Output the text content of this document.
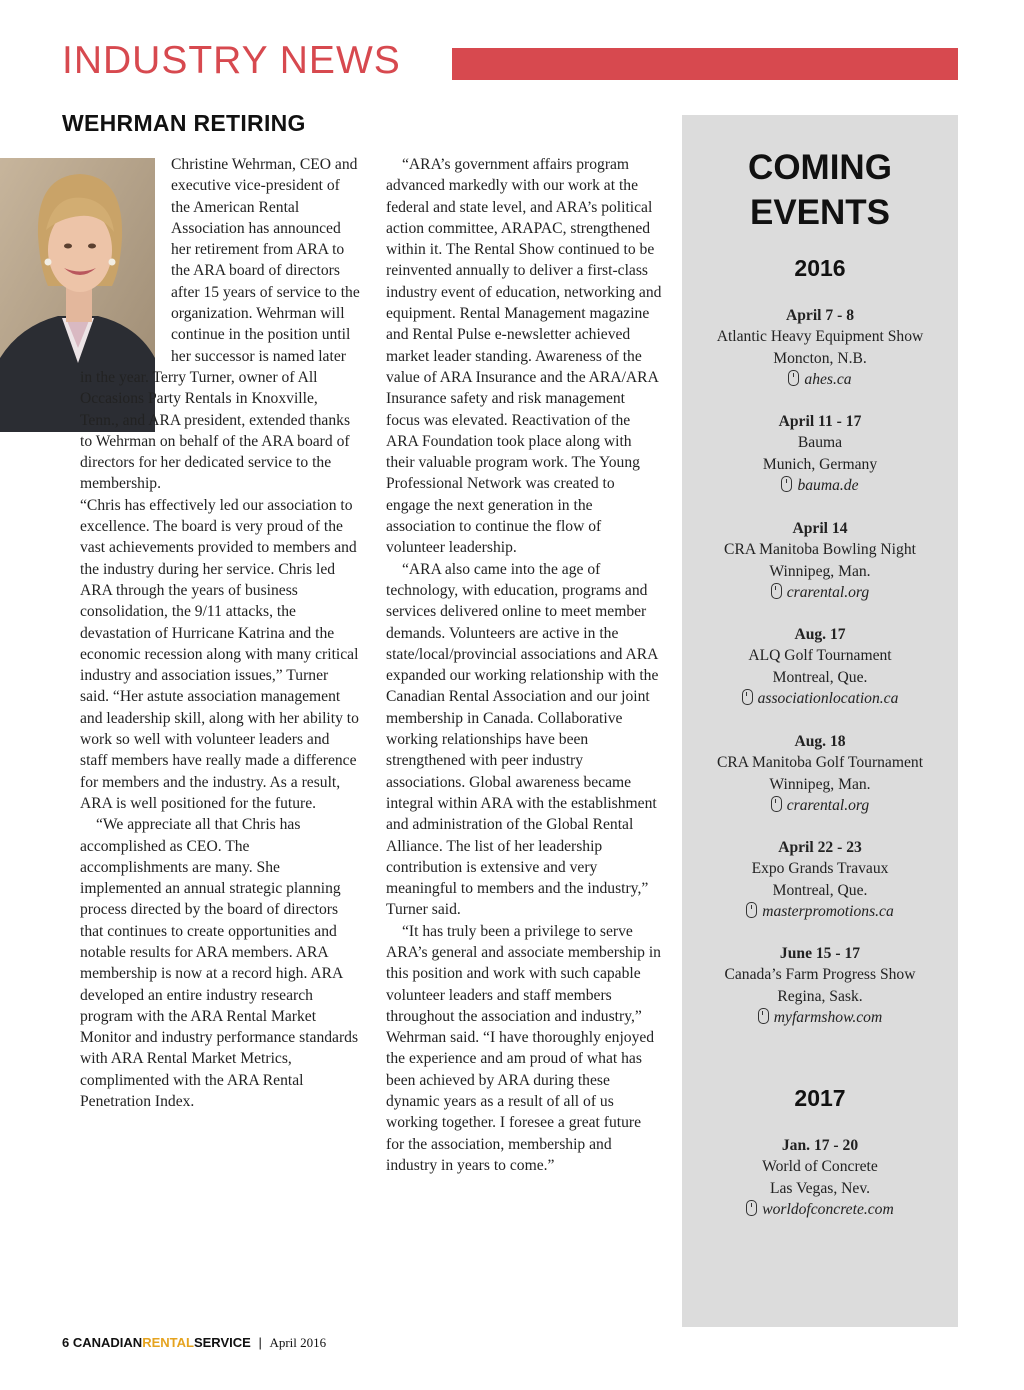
INDUSTRY NEWS
WEHRMAN RETIRING

Christine Wehrman, CEO and executive vice-president of the American Rental Association has announced her retirement from ARA to the ARA board of directors after 15 years of service to the organization. Wehrman will continue in the position until her successor is named later

in the year. Terry Turner, owner of All Occasions Party Rentals in Knoxville, Tenn., and ARA president, extended thanks to Wehrman on behalf of the ARA board of directors for her dedicated service to the membership.

“Chris has effectively led our association to excellence. The board is very proud of the vast achievements provided to members and the industry during her service. Chris led ARA through the years of business consolidation, the 9/11 attacks, the devastation of Hurricane Katrina and the economic recession along with many critical industry and association issues,” Turner said. “Her astute association management and leadership skill, along with her ability to work so well with volunteer leaders and staff members have really made a difference for members and the industry. As a result, ARA is well positioned for the future.

“We appreciate all that Chris has accomplished as CEO. The accomplishments are many. She implemented an annual strategic planning process directed by the board of directors that continues to create opportunities and notable results for ARA members. ARA membership is now at a record high. ARA developed an entire industry research program with the ARA Rental Market Monitor and industry performance standards with ARA Rental Market Metrics, complimented with the ARA Rental Penetration Index.

“ARA’s government affairs program advanced markedly with our work at the federal and state level, and ARA’s political action committee, ARAPAC, strengthened within it. The Rental Show continued to be reinvented annually to deliver a first-class industry event of education, networking and equipment. Rental Management magazine and Rental Pulse e-newsletter achieved market leader standing. Awareness of the value of ARA Insurance and the ARA/ARA Insurance safety and risk management focus was elevated. Reactivation of the ARA Foundation took place along with their valuable program work. The Young Professional Network was created to engage the next generation in the association to continue the flow of volunteer leadership.

“ARA also came into the age of technology, with education, programs and services delivered online to meet member demands. Volunteers are active in the state/local/provincial associations and ARA expanded our working relationship with the Canadian Rental Association and our joint membership in Canada. Collaborative working relationships have been strengthened with peer industry associations. Global awareness became integral within ARA with the establishment and administration of the Global Rental Alliance. The list of her leadership contribution is extensive and very meaningful to members and the industry,” Turner said.

“It has truly been a privilege to serve ARA’s general and associate membership in this position and work with such capable volunteer leaders and staff members throughout the association and industry,” Wehrman said. “I have thoroughly enjoyed the experience and am proud of what has been achieved by ARA during these dynamic years as a result of all of us working together. I foresee a great future for the association, membership and industry in years to come.”

COMING
EVENTS
2016
April 7 - 8
Atlantic Heavy Equipment Show
Moncton, N.B.
ahes.ca
April 11 - 17
Bauma
Munich, Germany
bauma.de
April 14
CRA Manitoba Bowling Night
Winnipeg, Man.
crarental.org
Aug. 17
ALQ Golf Tournament
Montreal, Que.
associationlocation.ca
Aug. 18
CRA Manitoba Golf Tournament
Winnipeg, Man.
crarental.org
April 22 - 23
Expo Grands Travaux
Montreal, Que.
masterpromotions.ca
June 15 - 17
Canada’s Farm Progress Show
Regina, Sask.
myfarmshow.com
2017
Jan. 17 - 20
World of Concrete
Las Vegas, Nev.
worldofconcrete.com
6 CANADIANRENTALSERVICE | April 2016
